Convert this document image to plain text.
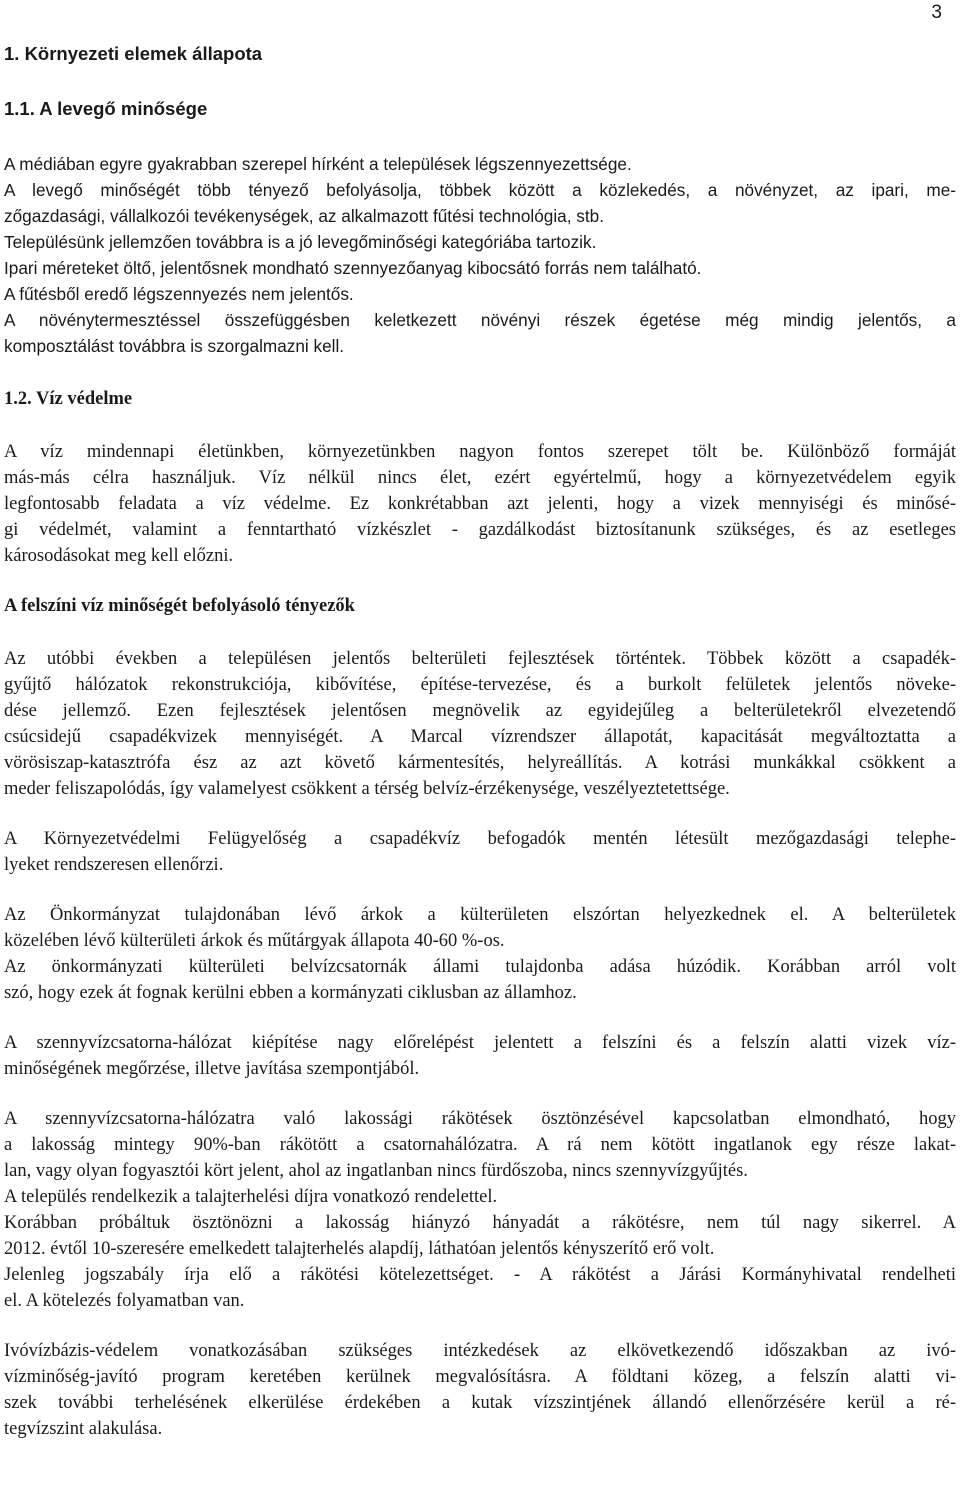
3
1. Környezeti elemek állapota
1.1. A levegő minősége
A médiában egyre gyakrabban szerepel hírként a települések légszennyezettsége.
A levegő minőségét több tényező befolyásolja, többek között a közlekedés, a növényzet, az ipari, me-
zőgazdasági, vállalkozói tevékenységek, az alkalmazott fűtési technológia, stb.
Településünk jellemzően továbbra is a jó levegőminőségi kategóriába tartozik.
Ipari méreteket öltő, jelentősnek mondható szennyezőanyag kibocsátó forrás nem található.
A fűtésből eredő légszennyezés nem jelentős.
A növénytermesztéssel összefüggésben keletkezett növényi részek égetése még mindig jelentős, a
komposztálást továbbra is szorgalmazni kell.
1.2. Víz védelme
A víz mindennapi életünkben, környezetünkben nagyon fontos szerepet tölt be. Különböző formáját
más-más célra használjuk. Víz nélkül nincs élet, ezért egyértelmű, hogy a környezetvédelem egyik
legfontosabb feladata a víz védelme. Ez konkrétabban azt jelenti, hogy a vizek mennyiségi és minősé-
gi védelmét, valamint a fenntartható vízkészlet - gazdálkodást biztosítanunk szükséges, és az esetleges
károsodásokat meg kell előzni.
A felszíni víz minőségét befolyásoló tényezők
Az utóbbi években a településen jelentős belterületi fejlesztések történtek. Többek között a csapadék-
gyűjtő hálózatok rekonstrukciója, kibővítése, építése-tervezése, és a burkolt felületek jelentős növeke-
dése jellemző. Ezen fejlesztések jelentősen megnövelik az egyidejűleg a belterületekről elvezetendő
csúcsidejű csapadékvizek mennyiségét. A Marcal vízrendszer állapotát, kapacitását megváltoztatta a
vörösiszap-katasztrófa ész az azt követő kármentesítés, helyreállítás. A kotrási munkákkal csökkent a
meder feliszapolódás, így valamelyest csökkent a térség belvíz-érzékenysége, veszélyeztetettsége.
A Környezetvédelmi Felügyelőség a csapadékvíz befogadók mentén létesült mezőgazdasági telephe-
lyeket rendszeresen ellenőrzi.
Az Önkormányzat tulajdonában lévő árkok a külterületen elszórtan helyezkednek el. A belterületek
közelében lévő külterületi árkok és műtárgyak állapota 40-60 %-os.
Az önkormányzati külterületi belvízcsatornák állami tulajdonba adása húzódik. Korábban arról volt
szó, hogy ezek át fognak kerülni ebben a kormányzati ciklusban az államhoz.
A szennyvízcsatorna-hálózat kiépítése nagy előrelépést jelentett a felszíni és a felszín alatti vizek víz-
minőségének megőrzése, illetve javítása szempontjából.
A szennyvízcsatorna-hálózatra való lakossági rákötések ösztönzésével kapcsolatban elmondható, hogy
a lakosság mintegy 90%-ban rákötött a csatornahálózatra. A rá nem kötött ingatlanok egy része lakat-
lan, vagy olyan fogyasztói kört jelent, ahol az ingatlanban nincs fürdőszoba, nincs szennyvízgyűjtés.
A település rendelkezik a talajterhelési díjra vonatkozó rendelettel.
Korábban próbáltuk ösztönözni a lakosság hiányzó hányadát a rákötésre, nem túl nagy sikerrel. A
2012. évtől 10-szeresére emelkedett talajterhelés alapdíj, láthatóan jelentős kényszerítő erő volt.
Jelenleg jogszabály írja elő a rákötési kötelezettséget. - A rákötést a Járási Kormányhivatal rendelheti
el. A kötelezés folyamatban van.
Ivóvízbázis-védelem vonatkozásában szükséges intézkedések az elkövetkezendő időszakban az ivó-
vízminőség-javító program keretében kerülnek megvalósításra. A földtani közeg, a felszín alatti vi-
szek további terhelésének elkerülése érdekében a kutak vízszintjének állandó ellenőrzésére kerül a ré-
tegvízszint alakulása.
